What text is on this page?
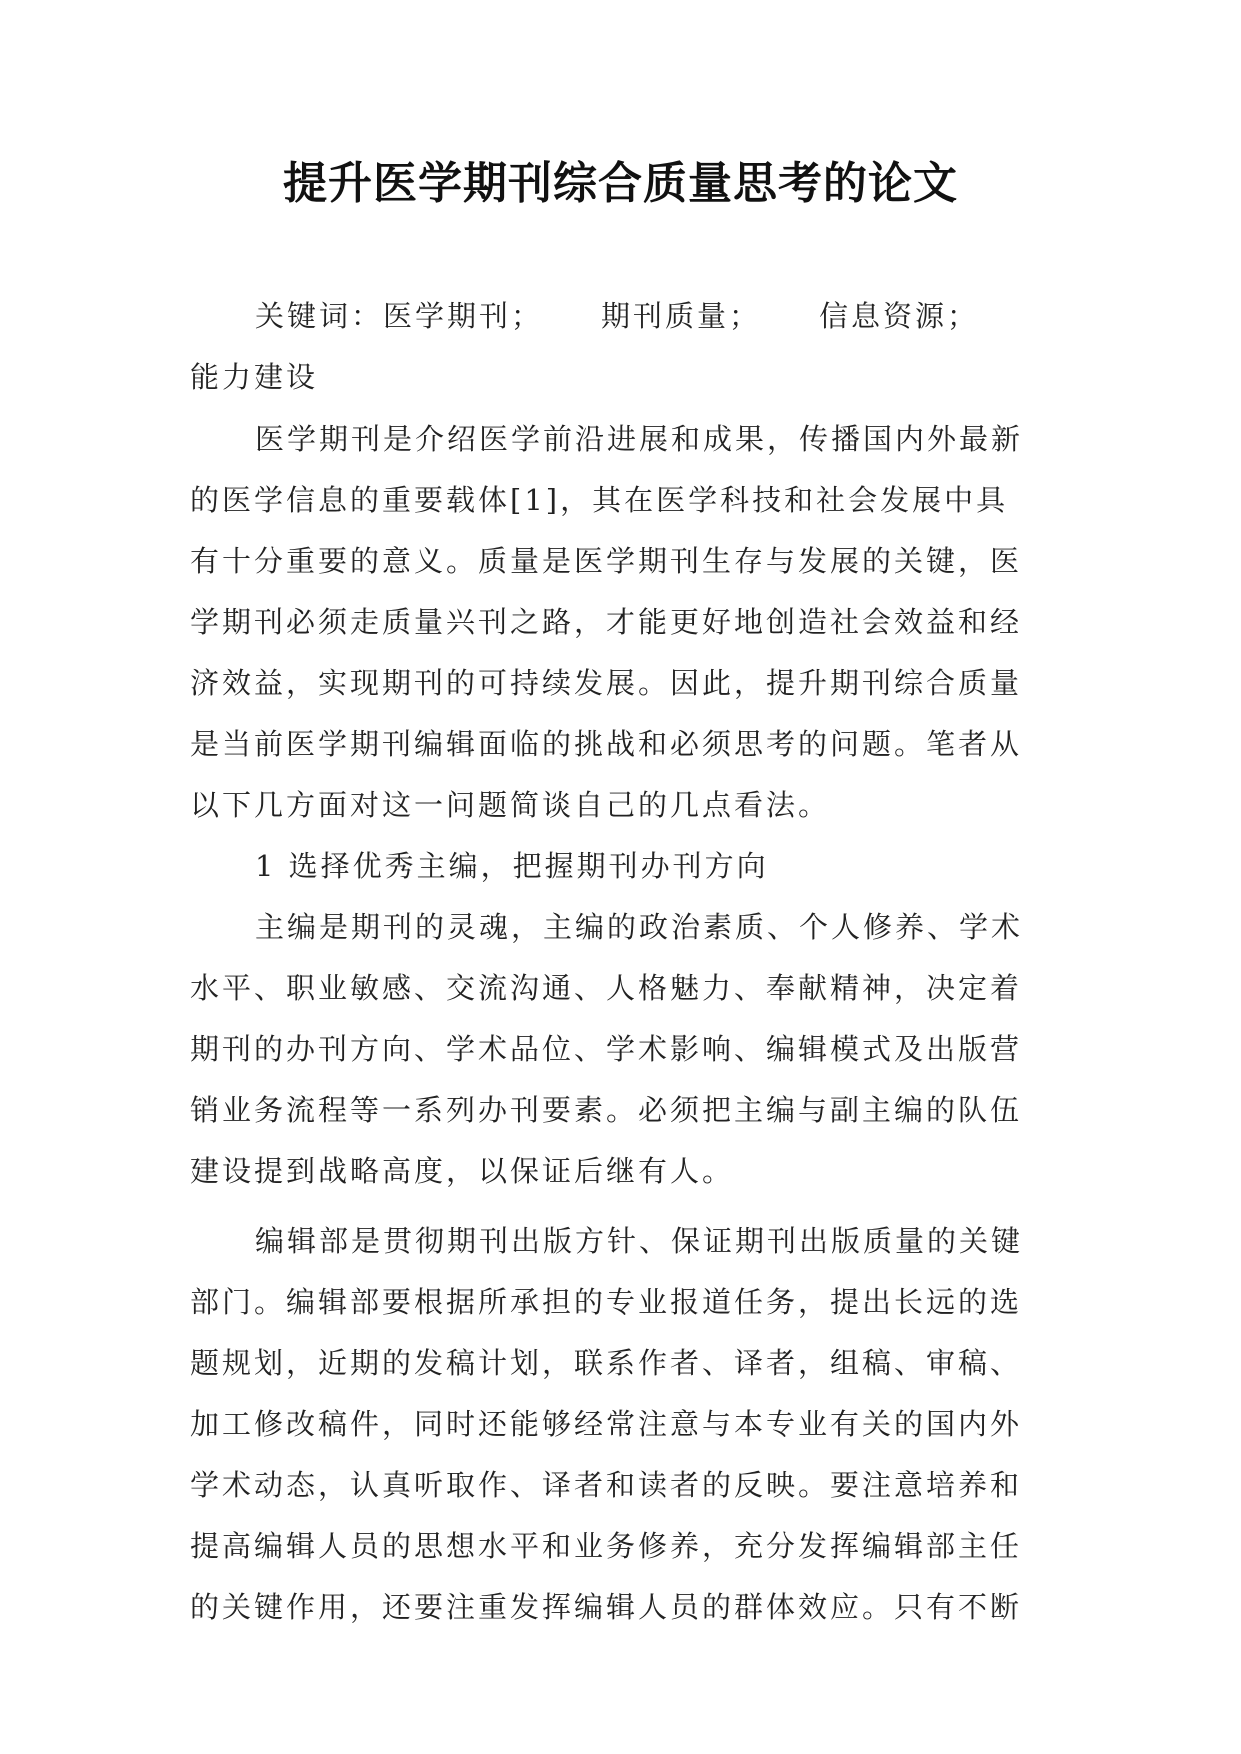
提升医学期刊综合质量思考的论文
关键词：医学期刊； 期刊质量； 信息资源；
能力建设
医学期刊是介绍医学前沿进展和成果，传播国内外最新
的医学信息的重要载体[1]，其在医学科技和社会发展中具
有十分重要的意义。质量是医学期刊生存与发展的关键，医
学期刊必须走质量兴刊之路，才能更好地创造社会效益和经
济效益，实现期刊的可持续发展。因此，提升期刊综合质量
是当前医学期刊编辑面临的挑战和必须思考的问题。笔者从
以下几方面对这一问题简谈自己的几点看法。
1 选择优秀主编，把握期刊办刊方向
主编是期刊的灵魂，主编的政治素质、个人修养、学术
水平、职业敏感、交流沟通、人格魅力、奉献精神，决定着
期刊的办刊方向、学术品位、学术影响、编辑模式及出版营
销业务流程等一系列办刊要素。必须把主编与副主编的队伍
建设提到战略高度，以保证后继有人。
编辑部是贯彻期刊出版方针、保证期刊出版质量的关键
部门。编辑部要根据所承担的专业报道任务，提出长远的选
题规划，近期的发稿计划，联系作者、译者，组稿、审稿、
加工修改稿件，同时还能够经常注意与本专业有关的国内外
学术动态，认真听取作、译者和读者的反映。要注意培养和
提高编辑人员的思想水平和业务修养，充分发挥编辑部主任
的关键作用，还要注重发挥编辑人员的群体效应。只有不断
